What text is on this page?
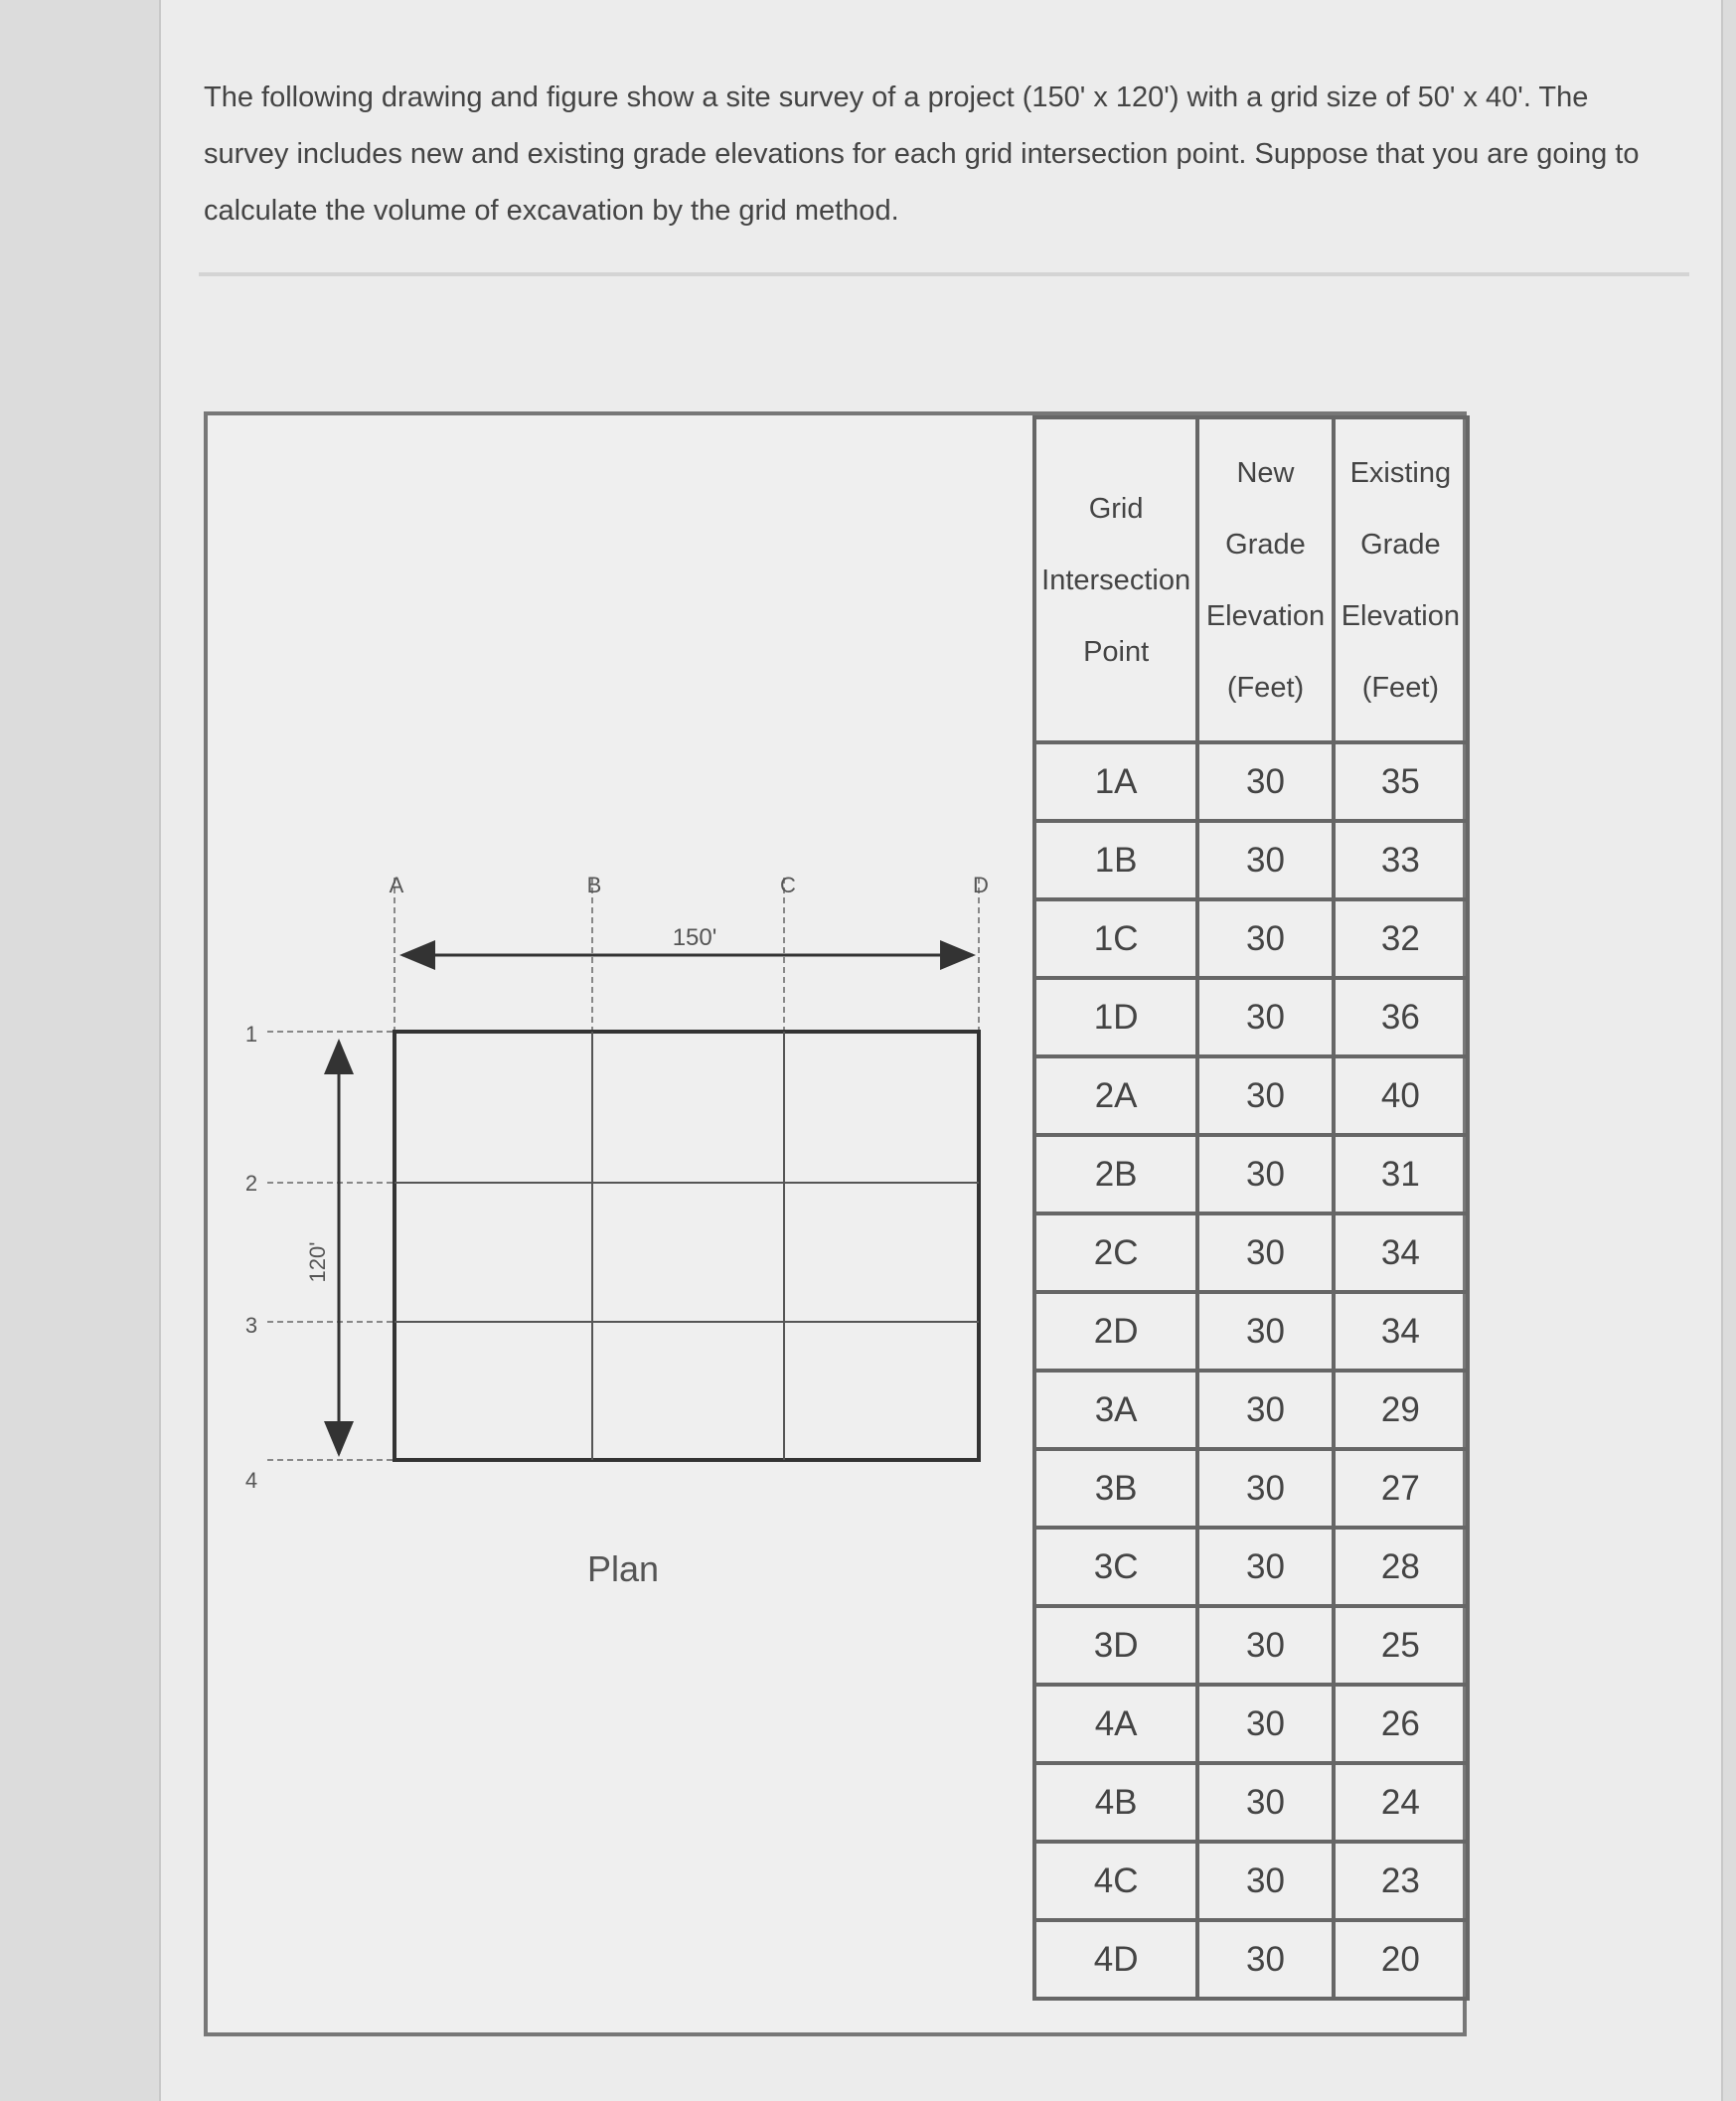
The following drawing and figure show a site survey of a project (150' x 120') with a grid size of 50' x 40'. The survey includes new and existing grade elevations for each grid intersection point. Suppose that you are going to calculate the volume of excavation by the grid method.
A	B	C	D
1
2
3
4
150'
120'
Plan
Grid Intersection Point	New Grade Elevation (Feet)	Existing Grade Elevation (Feet)
1A	30	35
1B	30	33
1C	30	32
1D	30	36
2A	30	40
2B	30	31
2C	30	34
2D	30	34
3A	30	29
3B	30	27
3C	30	28
3D	30	25
4A	30	26
4B	30	24
4C	30	23
4D	30	20
